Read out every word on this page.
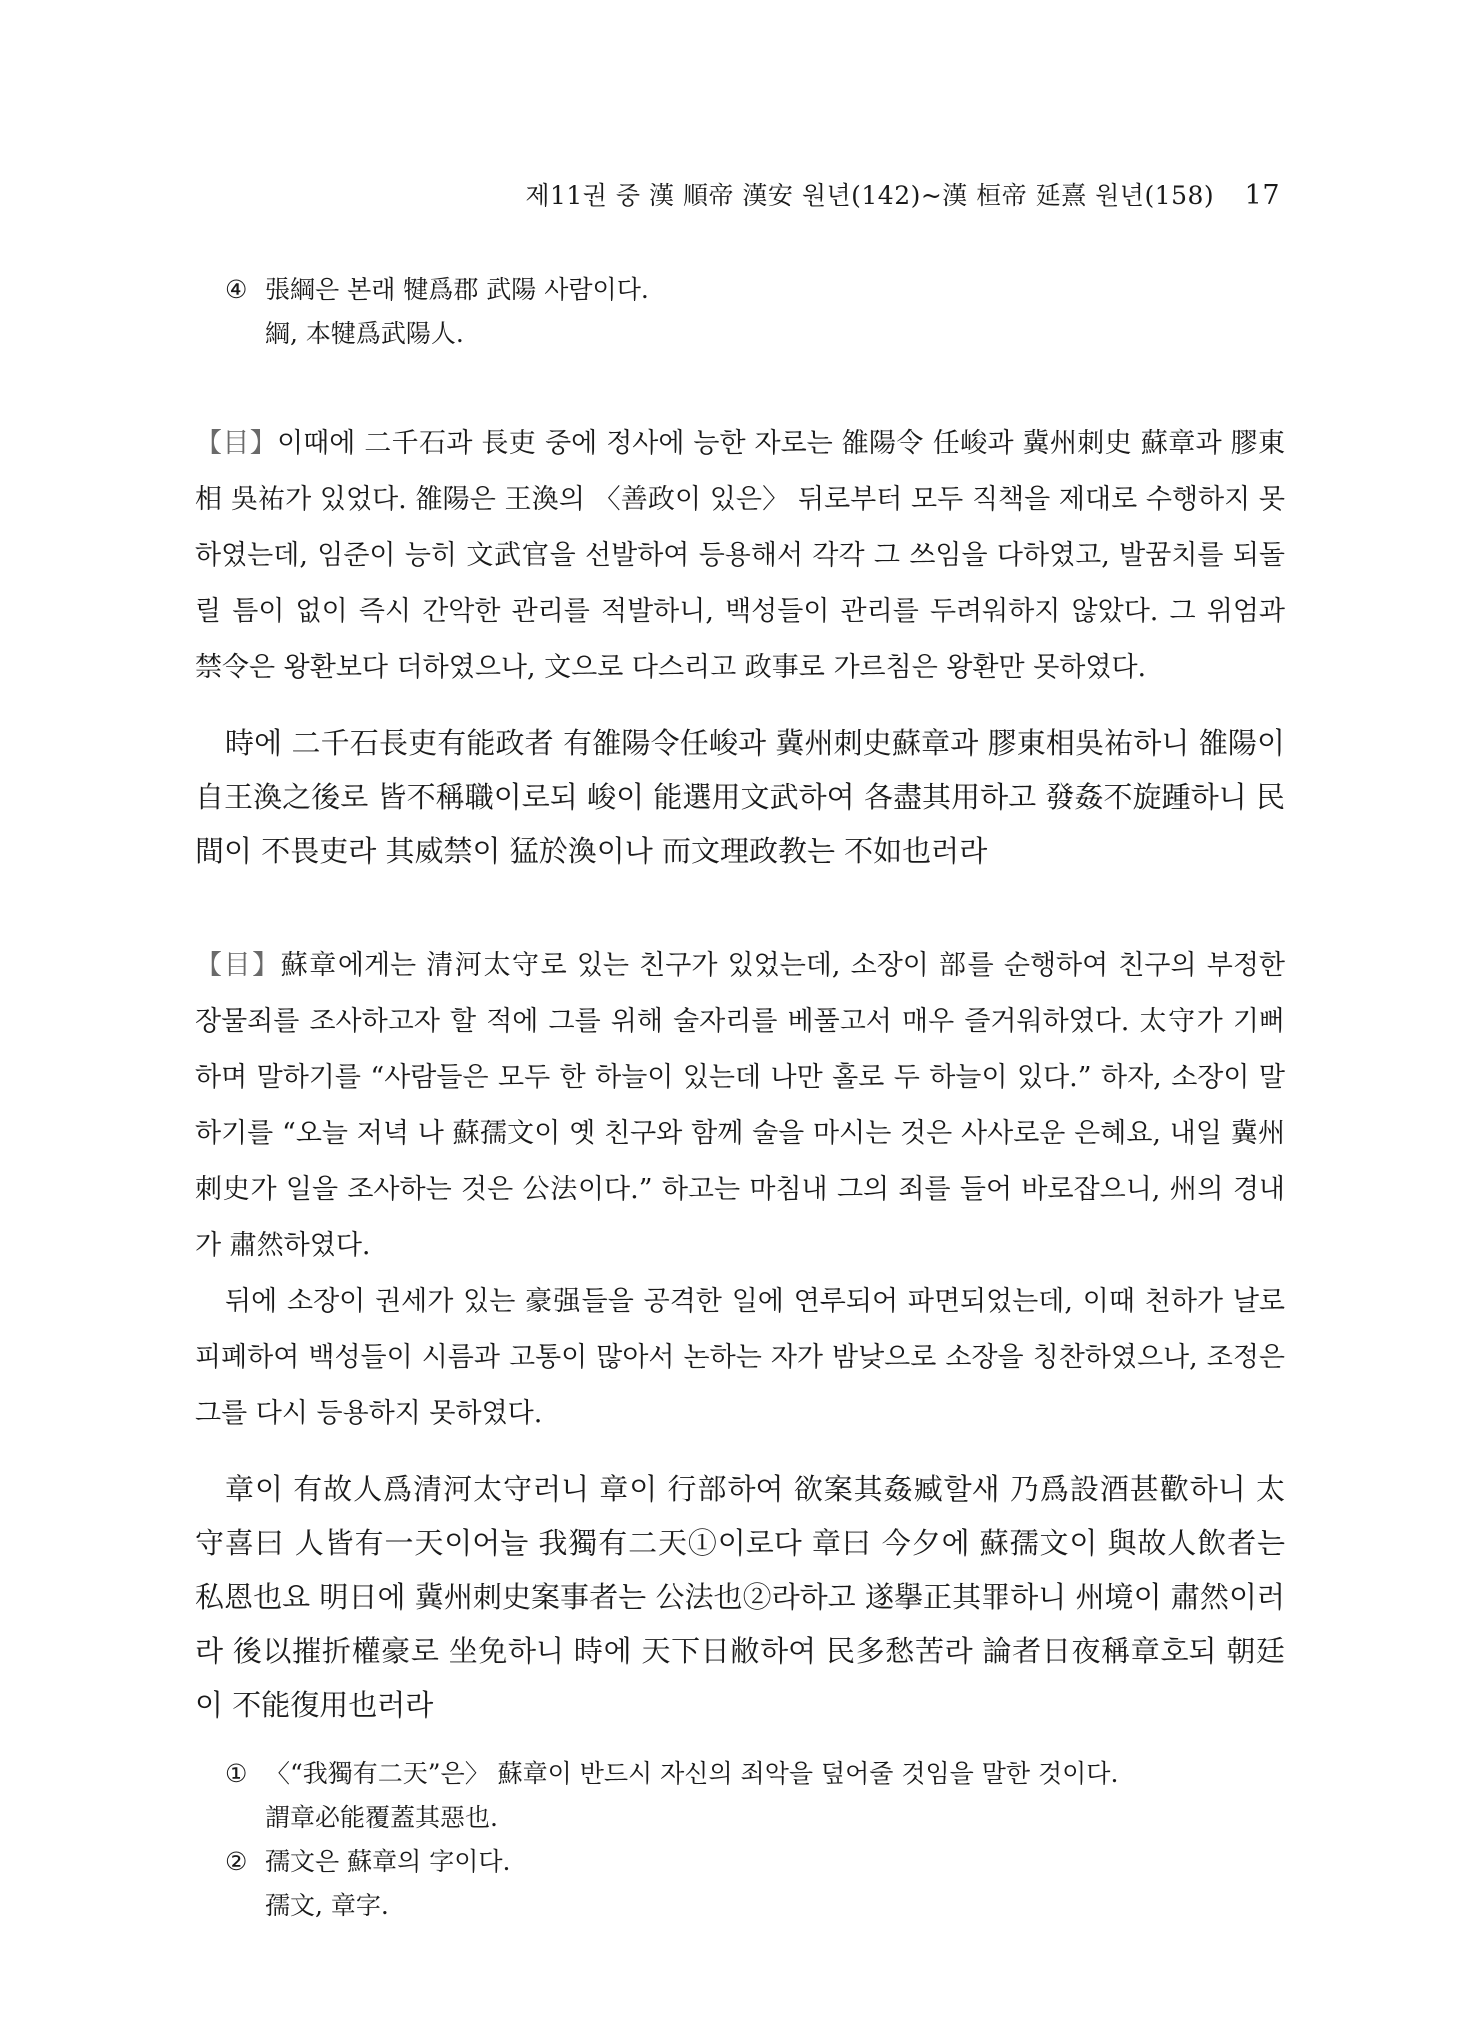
제11권 중 漢 順帝 漢安 원년(142)~漢 桓帝 延熹 원년(158) 17
④ 張綱은 본래 犍爲郡 武陽 사람이다.
綱, 本犍爲武陽人.

【目】이때에 二千石과 長吏 중에 정사에 능한 자로는 雒陽令 任峻과 冀州刺史 蘇章과 膠東相 吳祐가 있었다. 雒陽은 王渙의 〈善政이 있은〉 뒤로부터 모두 직책을 제대로 수행하지 못하였는데, 임준이 능히 文武官을 선발하여 등용해서 각각 그 쓰임을 다하였고, 발꿈치를 되돌릴 틈이 없이 즉시 간악한 관리를 적발하니, 백성들이 관리를 두려워하지 않았다. 그 위엄과 禁令은 왕환보다 더하였으나, 文으로 다스리고 政事로 가르침은 왕환만 못하였다.

時에 二千石長吏有能政者 有雒陽令任峻과 冀州刺史蘇章과 膠東相吳祐하니 雒陽이 自王渙之後로 皆不稱職이로되 峻이 能選用文武하여 各盡其用하고 發姦不旋踵하니 民間이 不畏吏라 其威禁이 猛於渙이나 而文理政教는 不如也러라

【目】蘇章에게는 清河太守로 있는 친구가 있었는데, 소장이 部를 순행하여 친구의 부정한 장물죄를 조사하고자 할 적에 그를 위해 술자리를 베풀고서 매우 즐거워하였다. 太守가 기뻐하며 말하기를 “사람들은 모두 한 하늘이 있는데 나만 홀로 두 하늘이 있다.” 하자, 소장이 말하기를 “오늘 저녁 나 蘇孺文이 옛 친구와 함께 술을 마시는 것은 사사로운 은혜요, 내일 冀州刺史가 일을 조사하는 것은 公法이다.” 하고는 마침내 그의 죄를 들어 바로잡으니, 州의 경내가 肅然하였다.

뒤에 소장이 권세가 있는 豪强들을 공격한 일에 연루되어 파면되었는데, 이때 천하가 날로 피폐하여 백성들이 시름과 고통이 많아서 논하는 자가 밤낮으로 소장을 칭찬하였으나, 조정은 그를 다시 등용하지 못하였다.

章이 有故人爲清河太守러니 章이 行部하여 欲案其姦臧할새 乃爲設酒甚歡하니 太守喜曰 人皆有一天이어늘 我獨有二天①이로다 章曰 今夕에 蘇孺文이 與故人飲者는 私恩也요 明日에 冀州刺史案事者는 公法也②라하고 遂擧正其罪하니 州境이 肅然이러라 後以摧折權豪로 坐免하니 時에 天下日敝하여 民多愁苦라 論者日夜稱章호되 朝廷이 不能復用也러라

① 〈“我獨有二天”은〉 蘇章이 반드시 자신의 죄악을 덮어줄 것임을 말한 것이다.
謂章必能覆蓋其惡也.
② 孺文은 蘇章의 字이다.
孺文, 章字.
